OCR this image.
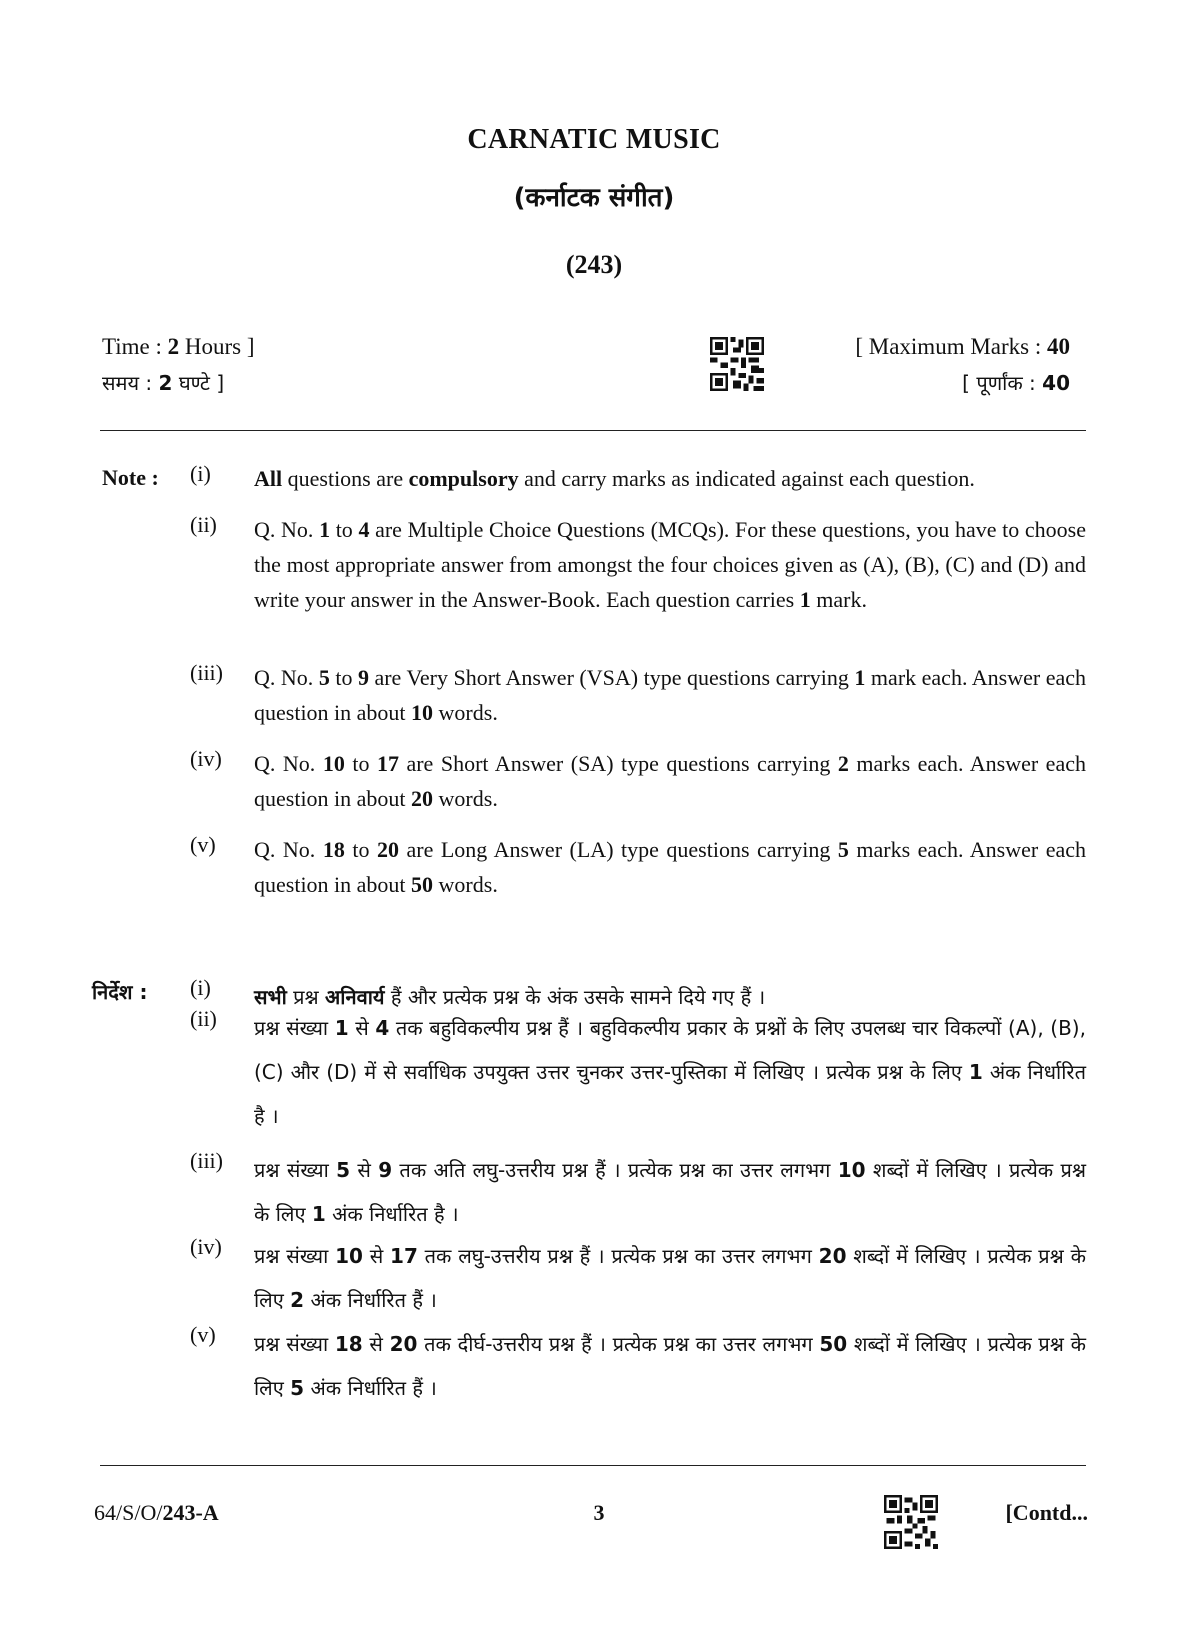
CARNATIC MUSIC
(कर्नाटक संगीत)
(243)
Time : 2 Hours ]
समय : 2 घण्टे ]
[ Maximum Marks : 40
[ पूर्णांक : 40
Note : (i) All questions are compulsory and carry marks as indicated against each question.
(ii) Q. No. 1 to 4 are Multiple Choice Questions (MCQs). For these questions, you have to choose the most appropriate answer from amongst the four choices given as (A), (B), (C) and (D) and write your answer in the Answer-Book. Each question carries 1 mark.
(iii) Q. No. 5 to 9 are Very Short Answer (VSA) type questions carrying 1 mark each. Answer each question in about 10 words.
(iv) Q. No. 10 to 17 are Short Answer (SA) type questions carrying 2 marks each. Answer each question in about 20 words.
(v) Q. No. 18 to 20 are Long Answer (LA) type questions carrying 5 marks each. Answer each question in about 50 words.
निर्देश : (i) सभी प्रश्न अनिवार्य हैं और प्रत्येक प्रश्न के अंक उसके सामने दिये गए हैं ।
(ii) प्रश्न संख्या 1 से 4 तक बहुविकल्पीय प्रश्न हैं । बहुविकल्पीय प्रकार के प्रश्नों के लिए उपलब्ध चार विकल्पों (A), (B), (C) और (D) में से सर्वाधिक उपयुक्त उत्तर चुनकर उत्तर-पुस्तिका में लिखिए । प्रत्येक प्रश्न के लिए 1 अंक निर्धारित है ।
(iii) प्रश्न संख्या 5 से 9 तक अति लघु-उत्तरीय प्रश्न हैं । प्रत्येक प्रश्न का उत्तर लगभग 10 शब्दों में लिखिए । प्रत्येक प्रश्न के लिए 1 अंक निर्धारित है ।
(iv) प्रश्न संख्या 10 से 17 तक लघु-उत्तरीय प्रश्न हैं । प्रत्येक प्रश्न का उत्तर लगभग 20 शब्दों में लिखिए । प्रत्येक प्रश्न के लिए 2 अंक निर्धारित हैं ।
(v) प्रश्न संख्या 18 से 20 तक दीर्घ-उत्तरीय प्रश्न हैं । प्रत्येक प्रश्न का उत्तर लगभग 50 शब्दों में लिखिए । प्रत्येक प्रश्न के लिए 5 अंक निर्धारित हैं ।
64/S/O/243-A	3	[Contd...
